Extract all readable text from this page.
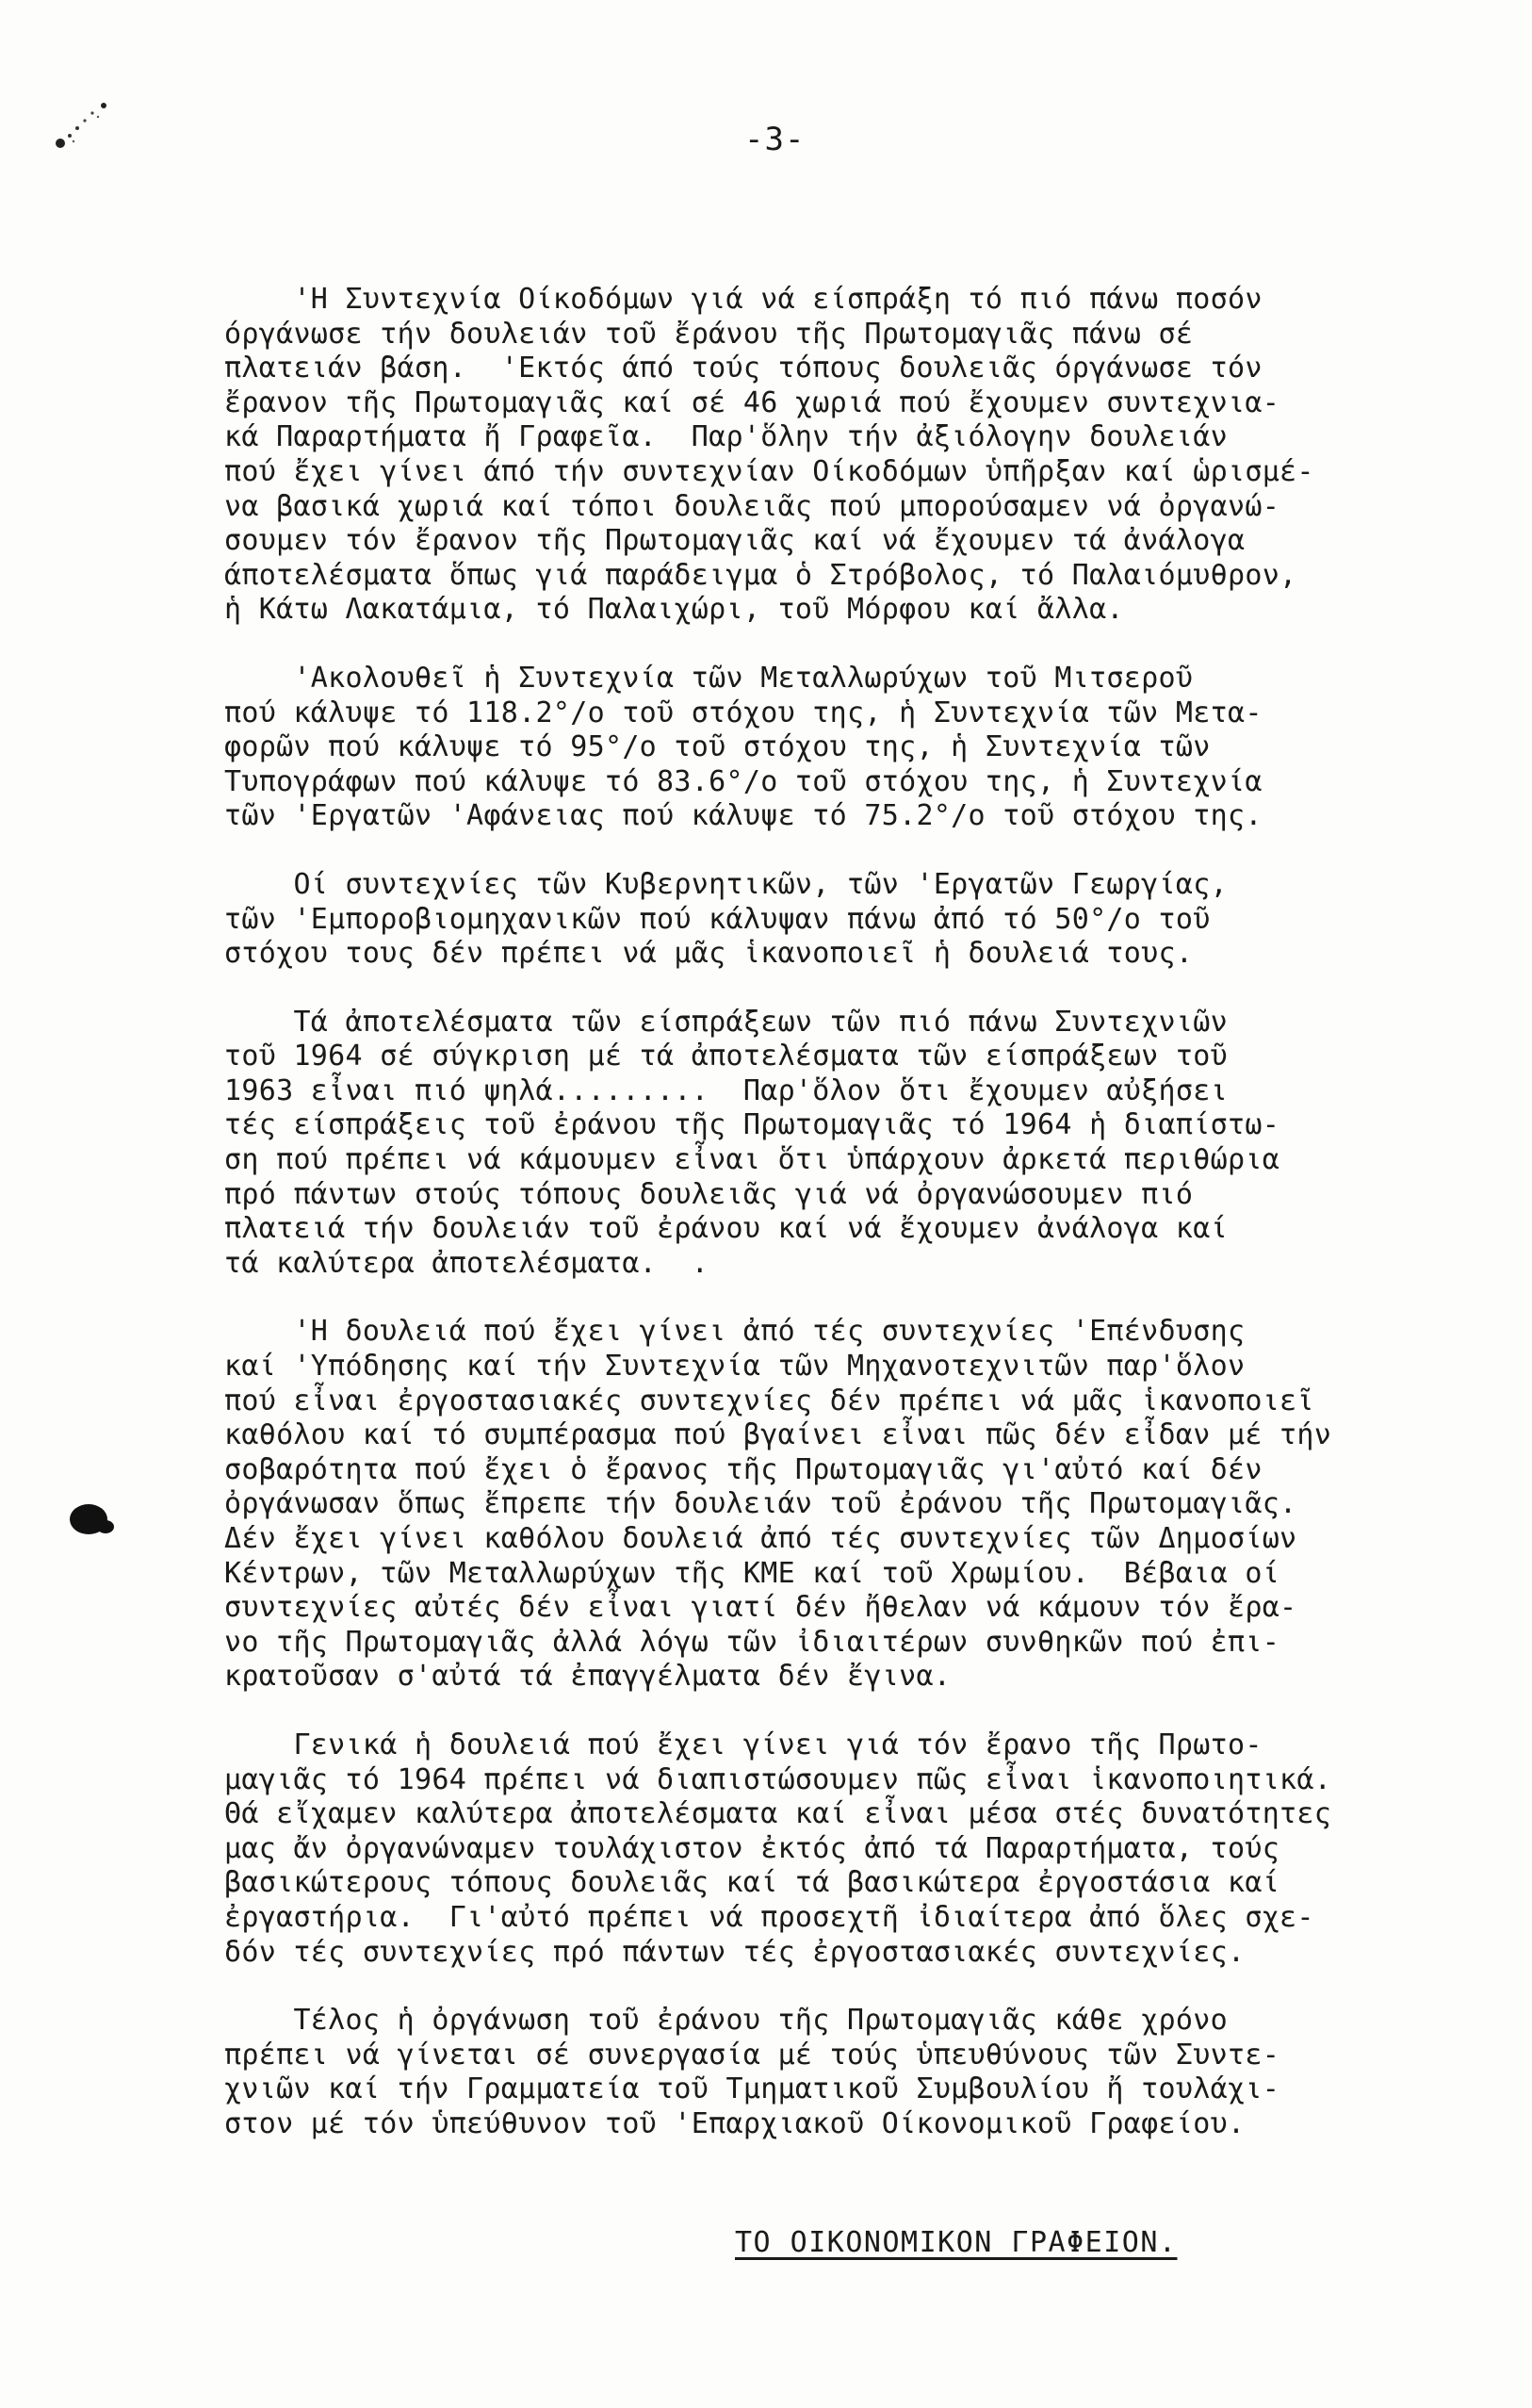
-3-
'Η Συντεχνία Οίκοδόμων γιά νά είσπράξη τό πιό πάνω ποσόν
όργάνωσε τήν δουλειάν τοῦ ἔράνου τῆς Πρωτομαγιᾶς πάνω σέ
πλατειάν βάση.  'Εκτός άπό τούς τόπους δουλειᾶς όργάνωσε τόν
ἔρανον τῆς Πρωτομαγιᾶς καί σέ 46 χωριά πού ἔχουμεν συντεχνια-
κά Παραρτήματα ἤ Γραφεῖα.  Παρ'ὅλην τήν ἀξιόλογην δουλειάν
πού ἔχει γίνει άπό τήν συντεχνίαν Οίκοδόμων ὑπῆρξαν καί ὡρισμέ-
να βασικά χωριά καί τόποι δουλειᾶς πού μπορούσαμεν νά ὀργανώ-
σουμεν τόν ἔρανον τῆς Πρωτομαγιᾶς καί νά ἔχουμεν τά ἀνάλογα
άποτελέσματα ὅπως γιά παράδειγμα ὁ Στρόβολος, τό Παλαιόμυθρον,
ἡ Κάτω Λακατάμια, τό Παλαιχώρι, τοῦ Μόρφου καί ἄλλα.
'Ακολουθεῖ ἡ Συντεχνία τῶν Μεταλλωρύχων τοῦ Μιτσεροῦ
πού κάλυψε τό 118.2°/ο τοῦ στόχου της, ἡ Συντεχνία τῶν Μετα-
φορῶν πού κάλυψε τό 95°/ο τοῦ στόχου της, ἡ Συντεχνία τῶν
Τυπογράφων πού κάλυψε τό 83.6°/ο τοῦ στόχου της, ἡ Συντεχνία
τῶν 'Εργατῶν 'Αφάνειας πού κάλυψε τό 75.2°/ο τοῦ στόχου της.
Οί συντεχνίες τῶν Κυβερνητικῶν, τῶν 'Εργατῶν Γεωργίας,
τῶν 'Εμποροβιομηχανικῶν πού κάλυψαν πάνω ἀπό τό 50°/ο τοῦ
στόχου τους δέν πρέπει νά μᾶς ἱκανοποιεῖ ἡ δουλειά τους.
Τά ἀποτελέσματα τῶν είσπράξεων τῶν πιό πάνω Συντεχνιῶν
τοῦ 1964 σέ σύγκριση μέ τά ἀποτελέσματα τῶν είσπράξεων τοῦ
1963 εἶναι πιό ψηλά.........  Παρ'ὅλον ὅτι ἔχουμεν αὐξήσει
τές είσπράξεις τοῦ ἐράνου τῆς Πρωτομαγιᾶς τό 1964 ἡ διαπίστω-
ση πού πρέπει νά κάμουμεν εἶναι ὅτι ὑπάρχουν ἀρκετά περιθώρια
πρό πάντων στούς τόπους δουλειᾶς γιά νά ὀργανώσουμεν πιό
πλατειά τήν δουλειάν τοῦ ἐράνου καί νά ἔχουμεν ἀνάλογα καί
τά καλύτερα ἀποτελέσματα.  .
'Η δουλειά πού ἔχει γίνει ἀπό τές συντεχνίες 'Επένδυσης
καί 'Υπόδησης καί τήν Συντεχνία τῶν Μηχανοτεχνιτῶν παρ'ὅλον
πού εἶναι ἐργοστασιακές συντεχνίες δέν πρέπει νά μᾶς ἱκανοποιεῖ
καθόλου καί τό συμπέρασμα πού βγαίνει εἶναι πῶς δέν εἶδαν μέ τήν
σοβαρότητα πού ἔχει ὁ ἔρανος τῆς Πρωτομαγιᾶς γι'αὐτό καί δέν
ὀργάνωσαν ὅπως ἔπρεπε τήν δουλειάν τοῦ ἐράνου τῆς Πρωτομαγιᾶς.
Δέν ἔχει γίνει καθόλου δουλειά ἀπό τές συντεχνίες τῶν Δημοσίων
Κέντρων, τῶν Μεταλλωρύχων τῆς ΚΜΕ καί τοῦ Χρωμίου.  Βέβαια οί
συντεχνίες αὐτές δέν εἶναι γιατί δέν ἤθελαν νά κάμουν τόν ἔρα-
νο τῆς Πρωτομαγιᾶς ἀλλά λόγω τῶν ἰδιαιτέρων συνθηκῶν πού ἐπι-
κρατοῦσαν σ'αὐτά τά ἐπαγγέλματα δέν ἔγινα.
Γενικά ἡ δουλειά πού ἔχει γίνει γιά τόν ἔρανο τῆς Πρωτο-
μαγιᾶς τό 1964 πρέπει νά διαπιστώσουμεν πῶς εἶναι ἱκανοποιητικά.
Θά εἴχαμεν καλύτερα ἀποτελέσματα καί εἶναι μέσα στές δυνατότητες
μας ἄν ὀργανώναμεν τουλάχιστον ἐκτός ἀπό τά Παραρτήματα, τούς
βασικώτερους τόπους δουλειᾶς καί τά βασικώτερα ἐργοστάσια καί
ἐργαστήρια.  Γι'αὐτό πρέπει νά προσεχτῆ ἰδιαίτερα ἀπό ὅλες σχε-
δόν τές συντεχνίες πρό πάντων τές ἐργοστασιακές συντεχνίες.
Τέλος ἡ ὀργάνωση τοῦ ἐράνου τῆς Πρωτομαγιᾶς κάθε χρόνο
πρέπει νά γίνεται σέ συνεργασία μέ τούς ὑπευθύνους τῶν Συντε-
χνιῶν καί τήν Γραμματεία τοῦ Τμηματικοῦ Συμβουλίου ἤ τουλάχι-
στον μέ τόν ὑπεύθυνον τοῦ 'Επαρχιακοῦ Οίκονομικοῦ Γραφείου.
ΤΟ ΟΙΚΟΝΟΜΙΚΟΝ ΓΡΑΦΕΙΟΝ.
